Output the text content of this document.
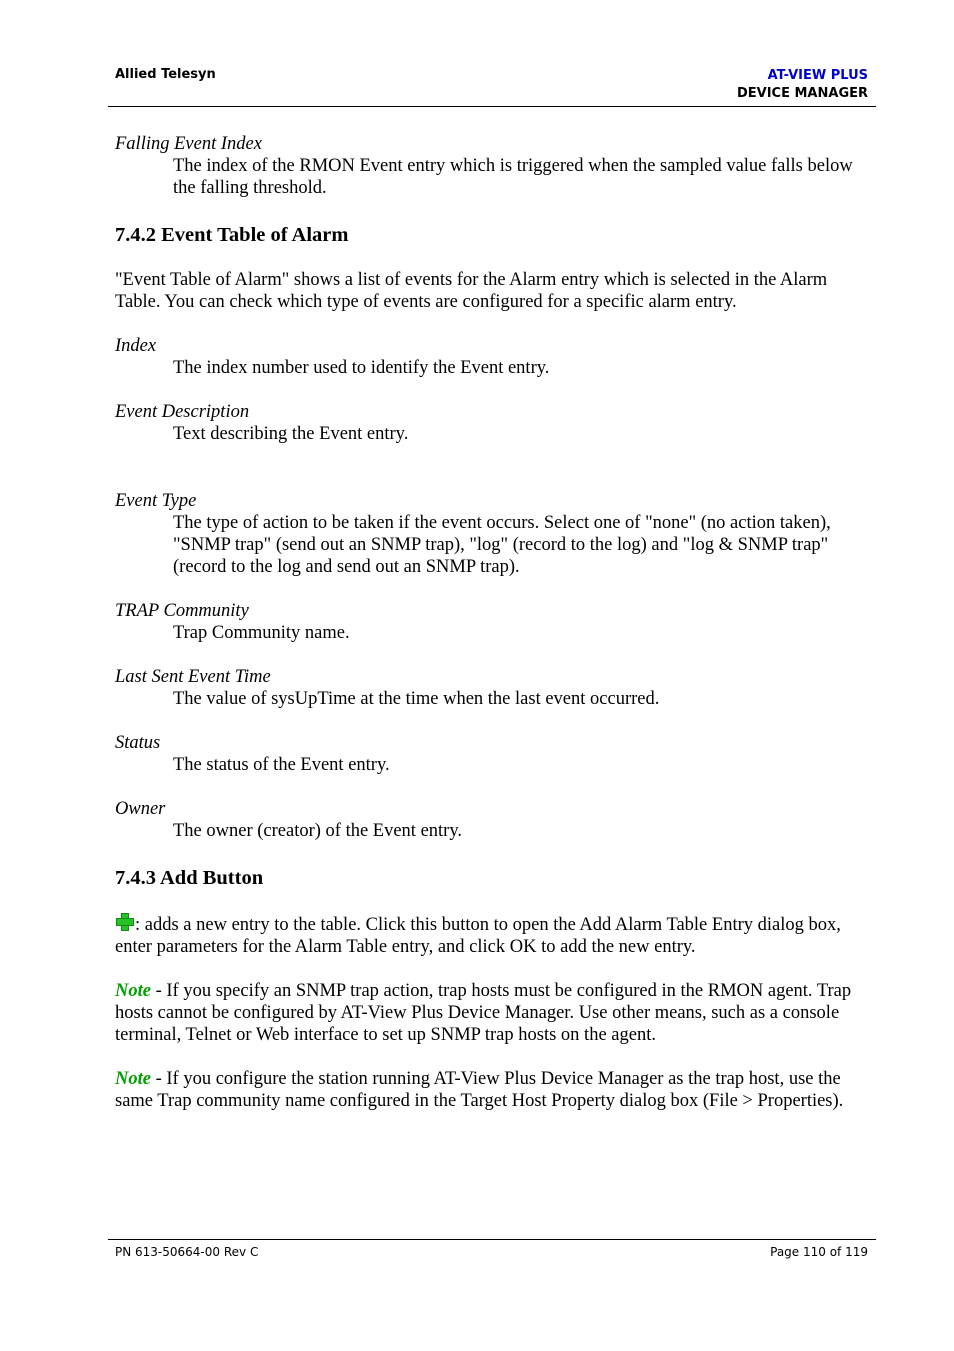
Allied Telesyn	AT-VIEW PLUS
DEVICE MANAGER

Falling Event Index

The index of the RMON Event entry which is triggered when the sampled value falls below the falling threshold.

7.4.2 Event Table of Alarm

"Event Table of Alarm" shows a list of events for the Alarm entry which is selected in the Alarm Table. You can check which type of events are configured for a specific alarm entry.

Index

The index number used to identify the Event entry.

Event Description

Text describing the Event entry.

Event Type

The type of action to be taken if the event occurs. Select one of "none" (no action taken), "SNMP trap" (send out an SNMP trap), "log" (record to the log) and "log & SNMP trap" (record to the log and send out an SNMP trap).

TRAP Community

Trap Community name.

Last Sent Event Time

The value of sysUpTime at the time when the last event occurred.

Status

The status of the Event entry.

Owner

The owner (creator) of the Event entry.

7.4.3 Add Button

: adds a new entry to the table. Click this button to open the Add Alarm Table Entry dialog box, enter parameters for the Alarm Table entry, and click OK to add the new entry.

Note - If you specify an SNMP trap action, trap hosts must be configured in the RMON agent. Trap hosts cannot be configured by AT-View Plus Device Manager. Use other means, such as a console terminal, Telnet or Web interface to set up SNMP trap hosts on the agent.

Note - If you configure the station running AT-View Plus Device Manager as the trap host, use the same Trap community name configured in the Target Host Property dialog box (File > Properties).

PN 613-50664-00 Rev C	Page 110 of 119
